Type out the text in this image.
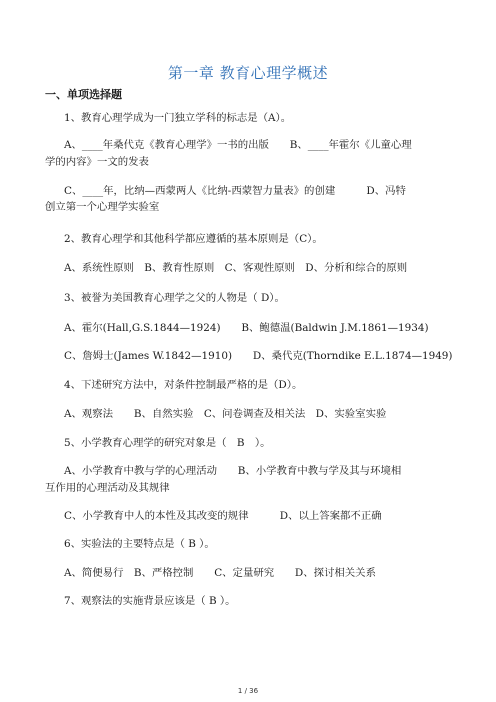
第一章 教育心理学概述
一、单项选择题
1、教育心理学成为一门独立学科的标志是（A）。
A、____年桑代克《教育心理学》一书的出版　　B、____年霍尔《儿童心理
学的内容》一文的发表
C、____年，比纳—西蒙两人《比纳-西蒙智力量表》的创建　　　D、冯特
创立第一个心理学实验室
2、教育心理学和其他科学都应遵循的基本原则是（C）。
A、系统性原则　B、教育性原则　C、客观性原则　D、分析和综合的原则
3、被誉为美国教育心理学之父的人物是（ D）。
A、霍尔(Hall,G.S.1844—1924)　　B、鲍德温(Baldwin J.M.1861—1934)
C、詹姆士(James W.1842—1910)　　D、桑代克(Thorndike E.L.1874—1949)
4、下述研究方法中，对条件控制最严格的是（D）。
A、观察法　　B、自然实验　C、问卷调查及相关法　D、实验室实验
5、小学教育心理学的研究对象是（　B　）。
A、小学教育中教与学的心理活动　　B、小学教育中教与学及其与环境相
互作用的心理活动及其规律
C、小学教育中人的本性及其改变的规律　　　D、以上答案都不正确
6、实验法的主要特点是（ B ）。
A、简便易行　B、严格控制　　C、定量研究　　D、探讨相关关系
7、观察法的实施背景应该是（ B ）。
1 / 36
